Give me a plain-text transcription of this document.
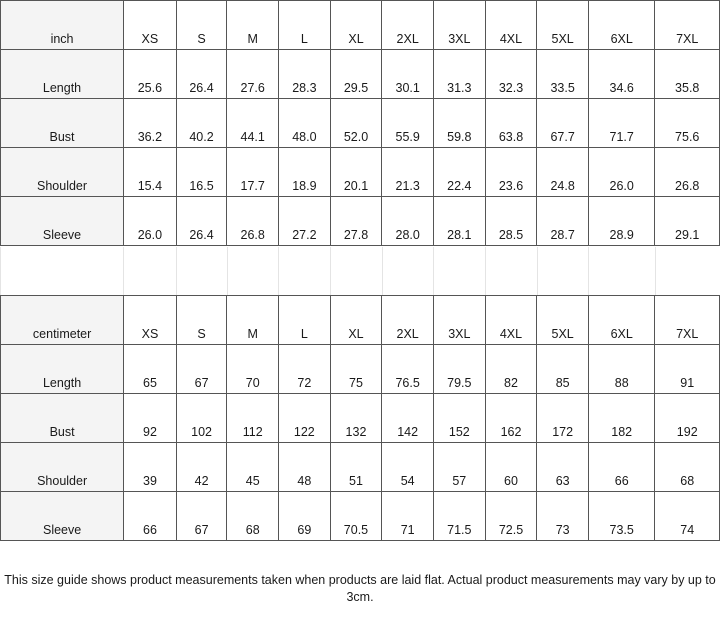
inch	XS	S	M	L	XL	2XL	3XL	4XL	5XL	6XL	7XL
Length	25.6	26.4	27.6	28.3	29.5	30.1	31.3	32.3	33.5	34.6	35.8
Bust	36.2	40.2	44.1	48.0	52.0	55.9	59.8	63.8	67.7	71.7	75.6
Shoulder	15.4	16.5	17.7	18.9	20.1	21.3	22.4	23.6	24.8	26.0	26.8
Sleeve	26.0	26.4	26.8	27.2	27.8	28.0	28.1	28.5	28.7	28.9	29.1

centimeter	XS	S	M	L	XL	2XL	3XL	4XL	5XL	6XL	7XL
Length	65	67	70	72	75	76.5	79.5	82	85	88	91
Bust	92	102	112	122	132	142	152	162	172	182	192
Shoulder	39	42	45	48	51	54	57	60	63	66	68
Sleeve	66	67	68	69	70.5	71	71.5	72.5	73	73.5	74
This size guide shows product measurements taken when products are laid flat. Actual product measurements may vary by up to 3cm.
